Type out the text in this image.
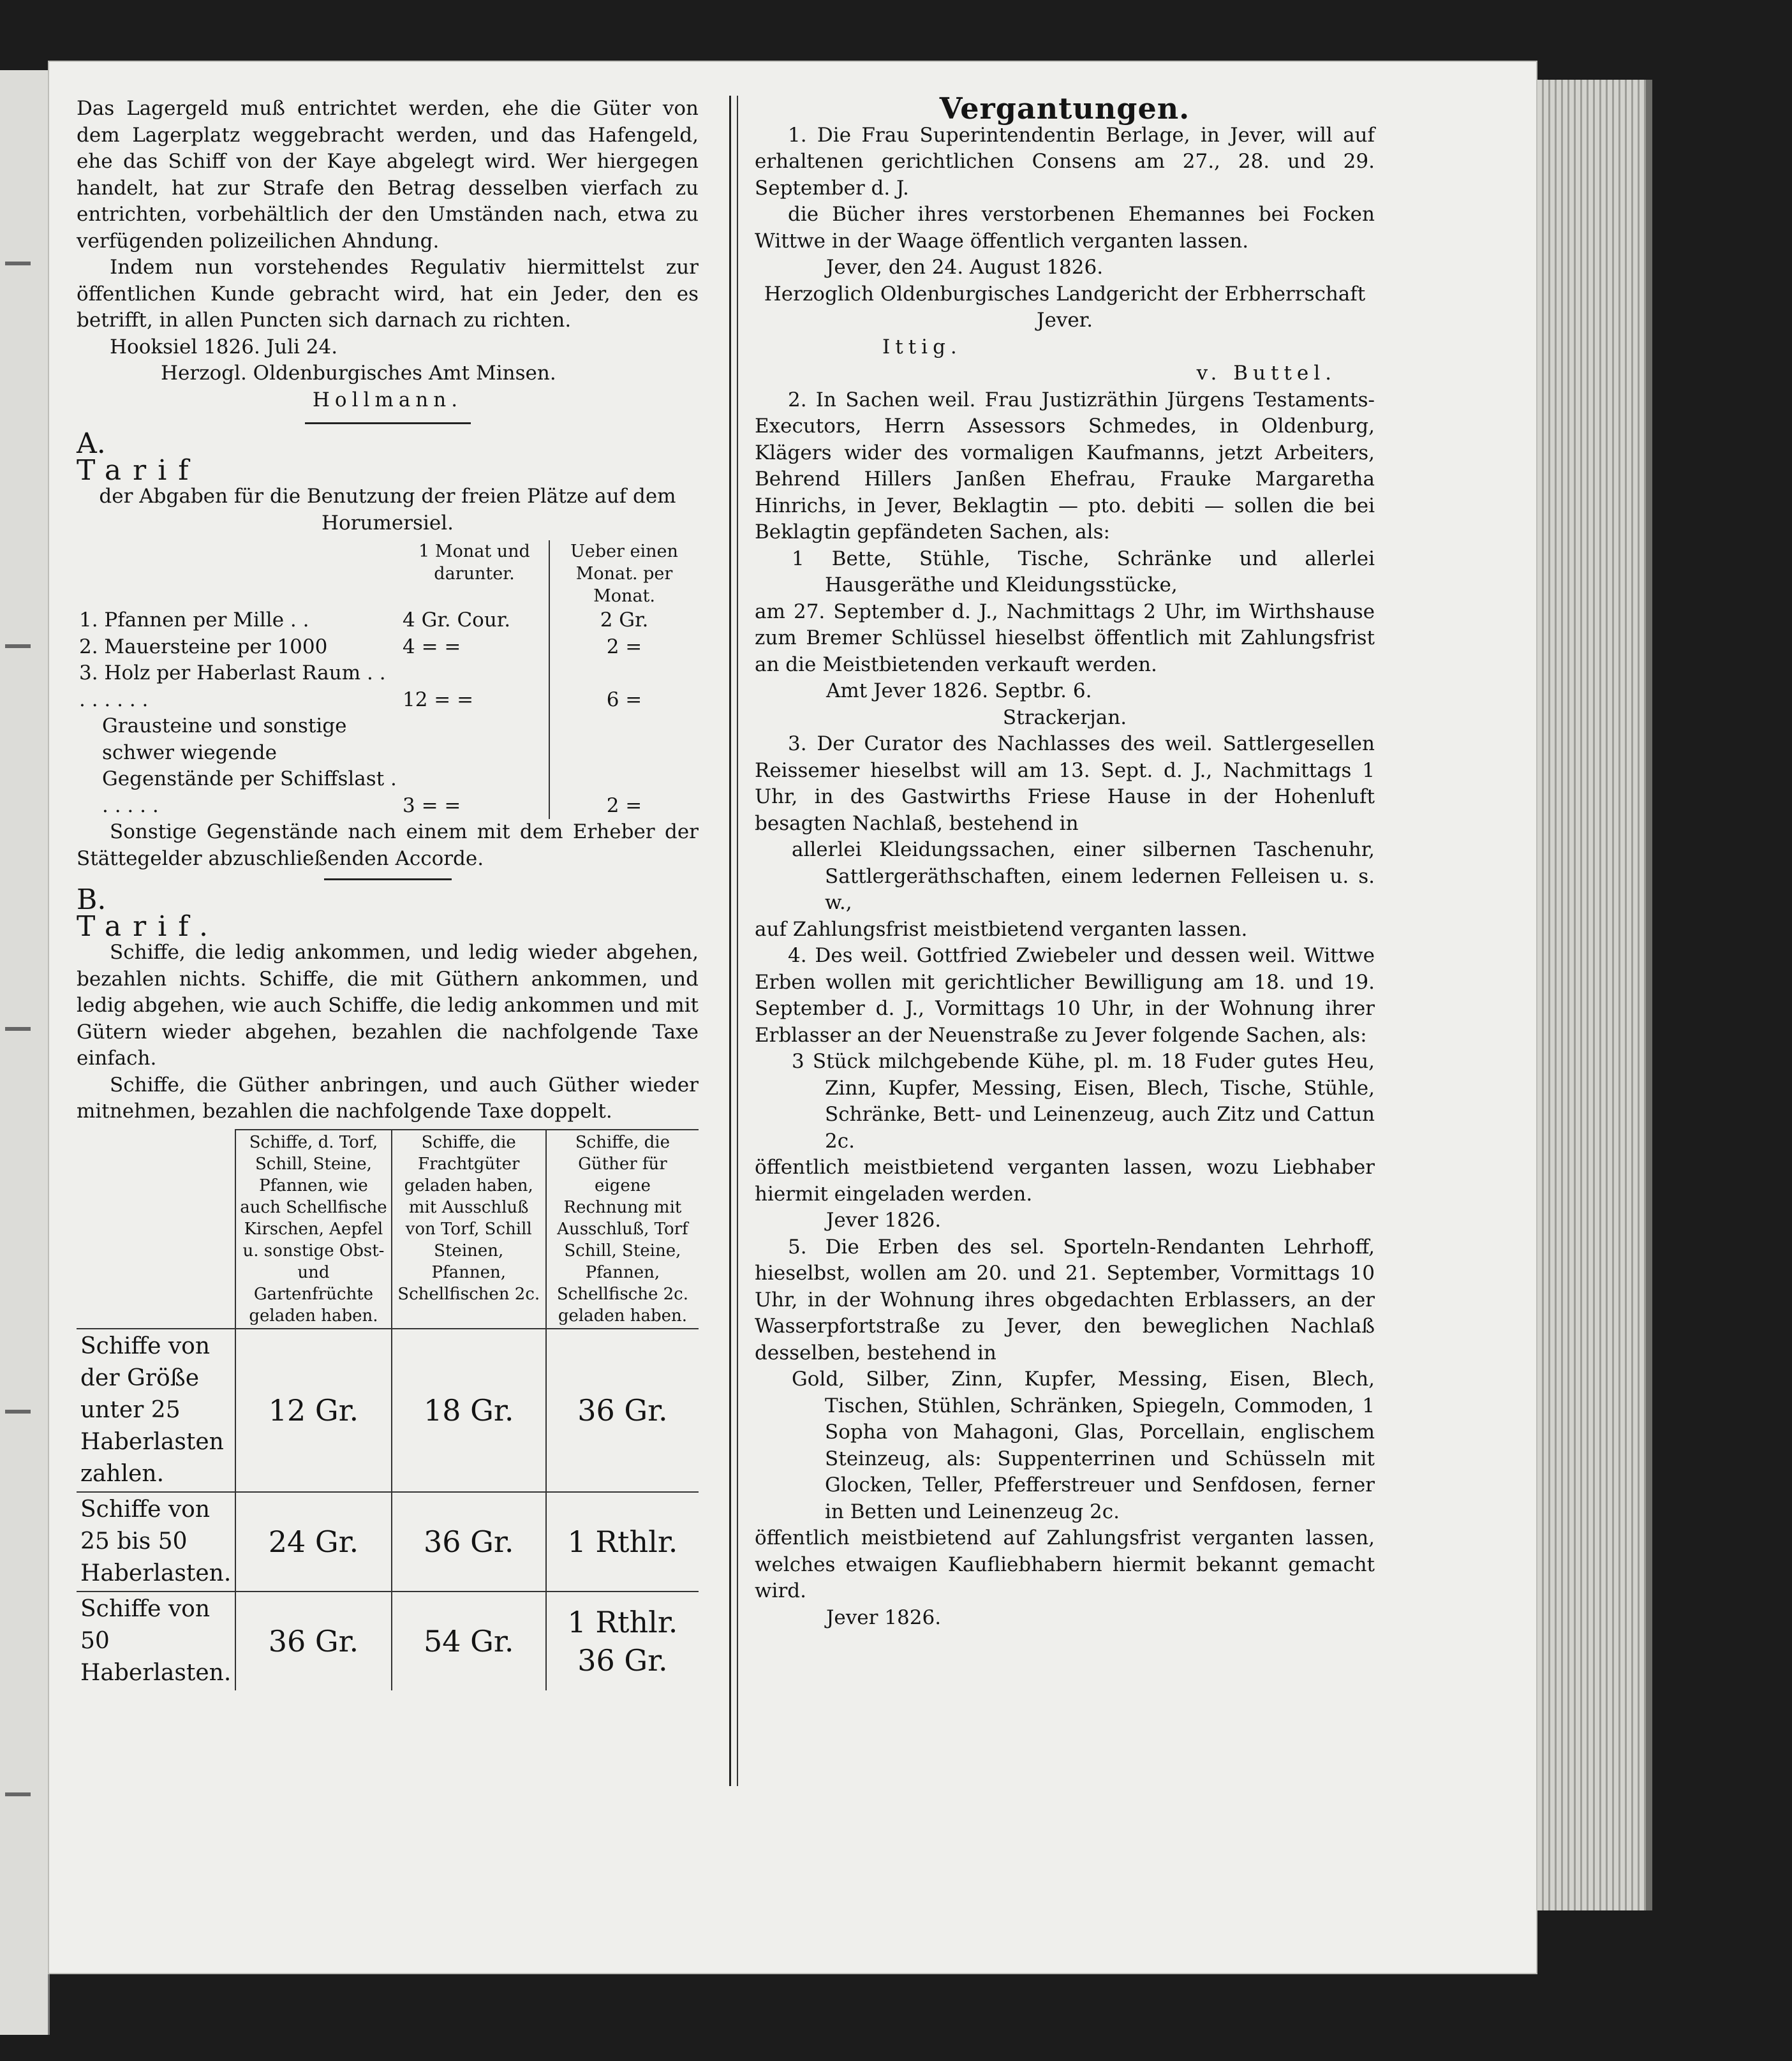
Das Lagergeld muß entrichtet werden, ehe die Güter von dem Lagerplatz weggebracht werden, und das Hafengeld, ehe das Schiff von der Kaye abgelegt wird. Wer hiergegen handelt, hat zur Strafe den Betrag desselben vierfach zu entrichten, vorbehältlich der den Umständen nach, etwa zu verfügenden polizeilichen Ahndung.

Indem nun vorstehendes Regulativ hiermittelst zur öffentlichen Kunde gebracht wird, hat ein Jeder, den es betrifft, in allen Puncten sich darnach zu richten.

Hooksiel 1826. Juli 24.

Herzogl. Oldenburgisches Amt Minsen.

Hollmann.

A.

Tarif

der Abgaben für die Benutzung der freien Plätze auf dem Horumersiel.

	1 Monat und darunter.	Ueber einen Monat. per Monat.
1. Pfannen per Mille . .	4 Gr. Cour.	2 Gr.
2. Mauersteine per 1000	4 = =	2 =
3. Holz per Haberlast Raum . . . . . . . .	12 = =	6 =
Grausteine und sonstige schwer wiegende Gegenstände per Schiffslast . . . . . .	3 = =	2 =

Sonstige Gegenstände nach einem mit dem Erheber der Stättegelder abzuschließenden Accorde.

B.

Tarif.

Schiffe, die ledig ankommen, und ledig wieder abgehen, bezahlen nichts. Schiffe, die mit Güthern ankommen, und ledig abgehen, wie auch Schiffe, die ledig ankommen und mit Gütern wieder abgehen, bezahlen die nachfolgende Taxe einfach.

Schiffe, die Güther anbringen, und auch Güther wieder mitnehmen, bezahlen die nachfolgende Taxe doppelt.

	Schiffe, d. Torf, Schill, Steine, Pfannen, wie auch Schellfische Kirschen, Aepfel u. sonstige Obst- und Gartenfrüchte geladen haben.	Schiffe, die Frachtgüter geladen haben, mit Ausschluß von Torf, Schill Steinen, Pfannen, Schellfischen 2c.	Schiffe, die Güther für eigene Rechnung mit Ausschluß, Torf Schill, Steine, Pfannen, Schellfische 2c. geladen haben.
Schiffe von der Größe unter 25 Haberlasten zahlen.	12 Gr.	18 Gr.	36 Gr.
Schiffe von 25 bis 50 Haberlasten.	24 Gr.	36 Gr.	1 Rthlr.
Schiffe von 50 Haberlasten.	36 Gr.	54 Gr.	1 Rthlr. 36 Gr.
Vergantungen.

1. Die Frau Superintendentin Berlage, in Jever, will auf erhaltenen gerichtlichen Consens am 27., 28. und 29. September d. J.

die Bücher ihres verstorbenen Ehemannes bei Focken Wittwe in der Waage öffentlich verganten lassen.

Jever, den 24. August 1826.

Herzoglich Oldenburgisches Landgericht der Erbherrschaft Jever.

Ittig.

v. Buttel.

2. In Sachen weil. Frau Justizräthin Jürgens Testaments-Executors, Herrn Assessors Schmedes, in Oldenburg, Klägers wider des vormaligen Kaufmanns, jetzt Arbeiters, Behrend Hillers Janßen Ehefrau, Frauke Margaretha Hinrichs, in Jever, Beklagtin — pto. debiti — sollen die bei Beklagtin gepfändeten Sachen, als:

1 Bette, Stühle, Tische, Schränke und allerlei Hausgeräthe und Kleidungsstücke,

am 27. September d. J., Nachmittags 2 Uhr, im Wirthshause zum Bremer Schlüssel hieselbst öffentlich mit Zahlungsfrist an die Meistbietenden verkauft werden.

Amt Jever 1826. Septbr. 6.

Strackerjan.

3. Der Curator des Nachlasses des weil. Sattlergesellen Reissemer hieselbst will am 13. Sept. d. J., Nachmittags 1 Uhr, in des Gastwirths Friese Hause in der Hohenluft besagten Nachlaß, bestehend in

allerlei Kleidungssachen, einer silbernen Taschenuhr, Sattlergeräthschaften, einem ledernen Felleisen u. s. w.,

auf Zahlungsfrist meistbietend verganten lassen.

4. Des weil. Gottfried Zwiebeler und dessen weil. Wittwe Erben wollen mit gerichtlicher Bewilligung am 18. und 19. September d. J., Vormittags 10 Uhr, in der Wohnung ihrer Erblasser an der Neuenstraße zu Jever folgende Sachen, als:

3 Stück milchgebende Kühe, pl. m. 18 Fuder gutes Heu, Zinn, Kupfer, Messing, Eisen, Blech, Tische, Stühle, Schränke, Bett- und Leinenzeug, auch Zitz und Cattun 2c.

öffentlich meistbietend verganten lassen, wozu Liebhaber hiermit eingeladen werden.

Jever 1826.

5. Die Erben des sel. Sporteln-Rendanten Lehrhoff, hieselbst, wollen am 20. und 21. September, Vormittags 10 Uhr, in der Wohnung ihres obgedachten Erblassers, an der Wasserpfortstraße zu Jever, den beweglichen Nachlaß desselben, bestehend in

Gold, Silber, Zinn, Kupfer, Messing, Eisen, Blech, Tischen, Stühlen, Schränken, Spiegeln, Commoden, 1 Sopha von Mahagoni, Glas, Porcellain, englischem Steinzeug, als: Suppenterrinen und Schüsseln mit Glocken, Teller, Pfefferstreuer und Senfdosen, ferner in Betten und Leinenzeug 2c.

öffentlich meistbietend auf Zahlungsfrist verganten lassen, welches etwaigen Kaufliebhabern hiermit bekannt gemacht wird.

Jever 1826.
